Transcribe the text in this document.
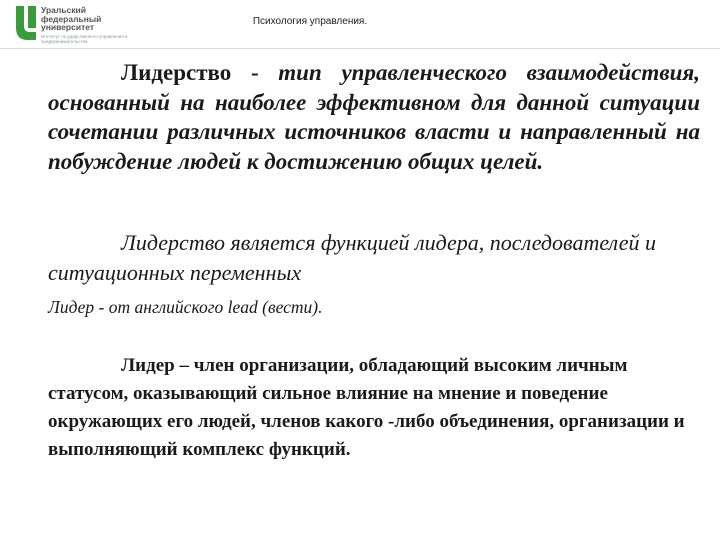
Уральский
федеральный
университет
Институт государственного управления и предпринимательства
Психология управления.

Лидерство - тип управленческого взаимодействия, основанный на наиболее эффективном для данной ситуации сочетании различных источников власти и направленный на побуждение людей к достижению общих целей.

Лидерство является функцией лидера, последователей и ситуационных переменных

Лидер - от английского lead (вести).

Лидер – член организации, обладающий высоким личным статусом, оказывающий сильное влияние на мнение и поведение окружающих его людей, членов какого -либо объединения, организации и выполняющий комплекс функций.
